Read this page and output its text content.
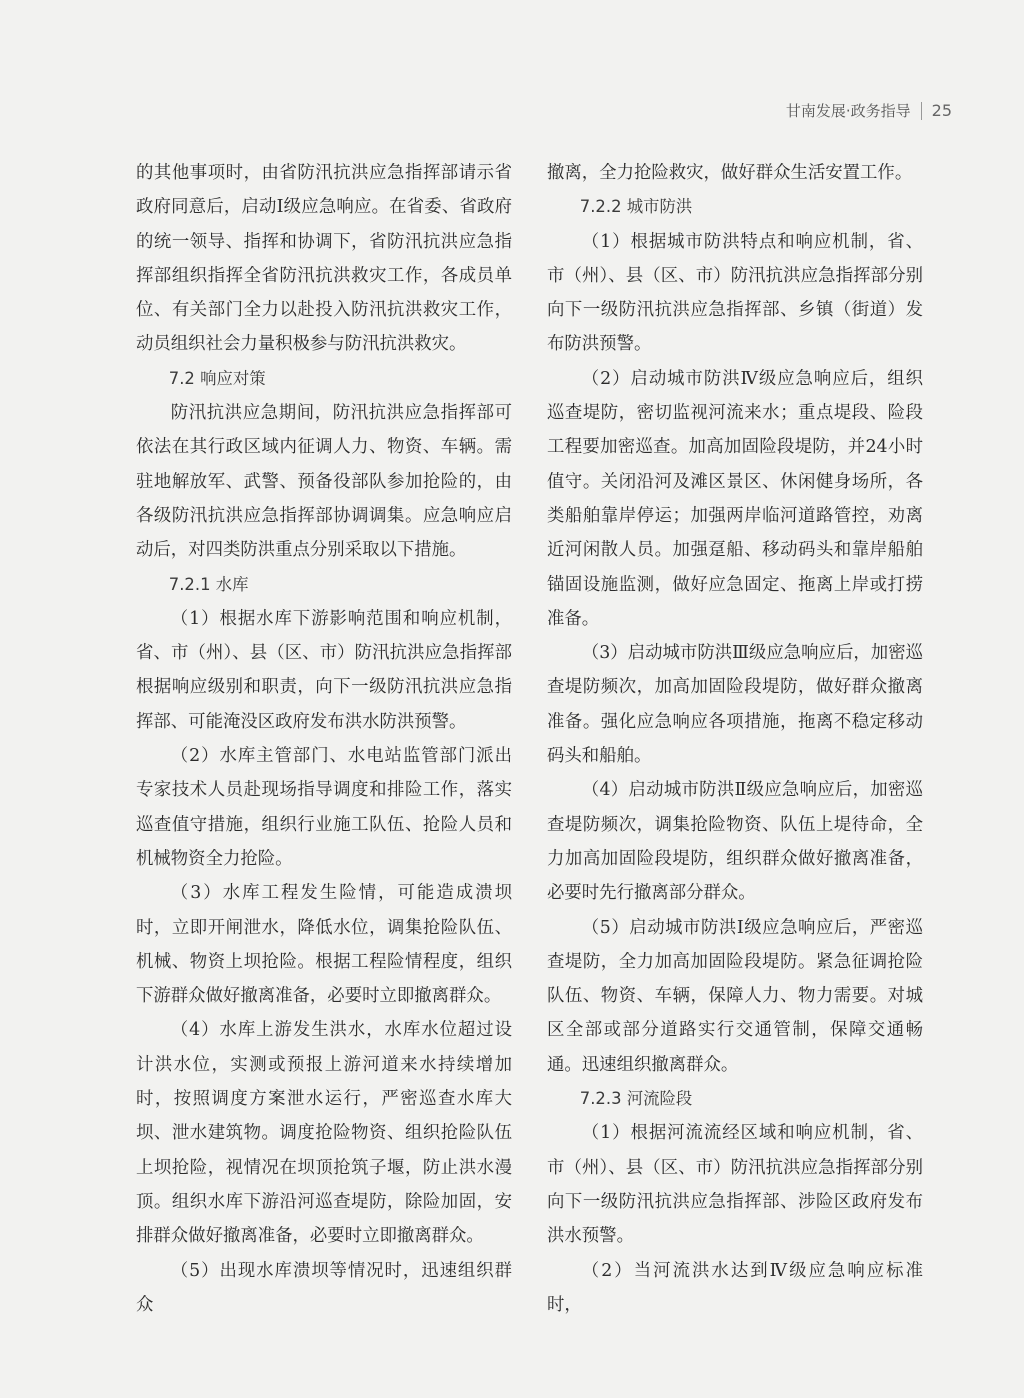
甘南发展·政务指导 25

的其他事项时，由省防汛抗洪应急指挥部请示省政府同意后，启动Ⅰ级应急响应。在省委、省政府的统一领导、指挥和协调下，省防汛抗洪应急指挥部组织指挥全省防汛抗洪救灾工作，各成员单位、有关部门全力以赴投入防汛抗洪救灾工作，动员组织社会力量积极参与防汛抗洪救灾。

7.2 响应对策

防汛抗洪应急期间，防汛抗洪应急指挥部可依法在其行政区域内征调人力、物资、车辆。需驻地解放军、武警、预备役部队参加抢险的，由各级防汛抗洪应急指挥部协调调集。应急响应启动后，对四类防洪重点分别采取以下措施。

7.2.1 水库

（1）根据水库下游影响范围和响应机制，省、市（州）、县（区、市）防汛抗洪应急指挥部根据响应级别和职责，向下一级防汛抗洪应急指挥部、可能淹没区政府发布洪水防洪预警。

（2）水库主管部门、水电站监管部门派出专家技术人员赴现场指导调度和排险工作，落实巡查值守措施，组织行业施工队伍、抢险人员和机械物资全力抢险。

（3）水库工程发生险情，可能造成溃坝时，立即开闸泄水，降低水位，调集抢险队伍、机械、物资上坝抢险。根据工程险情程度，组织下游群众做好撤离准备，必要时立即撤离群众。

（4）水库上游发生洪水，水库水位超过设计洪水位，实测或预报上游河道来水持续增加时，按照调度方案泄水运行，严密巡查水库大坝、泄水建筑物。调度抢险物资、组织抢险队伍上坝抢险，视情况在坝顶抢筑子堰，防止洪水漫顶。组织水库下游沿河巡查堤防，除险加固，安排群众做好撤离准备，必要时立即撤离群众。

（5）出现水库溃坝等情况时，迅速组织群众

撤离，全力抢险救灾，做好群众生活安置工作。

7.2.2 城市防洪

（1）根据城市防洪特点和响应机制，省、市（州）、县（区、市）防汛抗洪应急指挥部分别向下一级防汛抗洪应急指挥部、乡镇（街道）发布防洪预警。

（2）启动城市防洪Ⅳ级应急响应后，组织巡查堤防，密切监视河流来水；重点堤段、险段工程要加密巡查。加高加固险段堤防，并24小时值守。关闭沿河及滩区景区、休闲健身场所，各类船舶靠岸停运；加强两岸临河道路管控，劝离近河闲散人员。加强趸船、移动码头和靠岸船舶锚固设施监测，做好应急固定、拖离上岸或打捞准备。

（3）启动城市防洪Ⅲ级应急响应后，加密巡查堤防频次，加高加固险段堤防，做好群众撤离准备。强化应急响应各项措施，拖离不稳定移动码头和船舶。

（4）启动城市防洪Ⅱ级应急响应后，加密巡查堤防频次，调集抢险物资、队伍上堤待命，全力加高加固险段堤防，组织群众做好撤离准备，必要时先行撤离部分群众。

（5）启动城市防洪Ⅰ级应急响应后，严密巡查堤防，全力加高加固险段堤防。紧急征调抢险队伍、物资、车辆，保障人力、物力需要。对城区全部或部分道路实行交通管制，保障交通畅通。迅速组织撤离群众。

7.2.3 河流险段

（1）根据河流流经区域和响应机制，省、市（州）、县（区、市）防汛抗洪应急指挥部分别向下一级防汛抗洪应急指挥部、涉险区政府发布洪水预警。

（2）当河流洪水达到Ⅳ级应急响应标准时，
